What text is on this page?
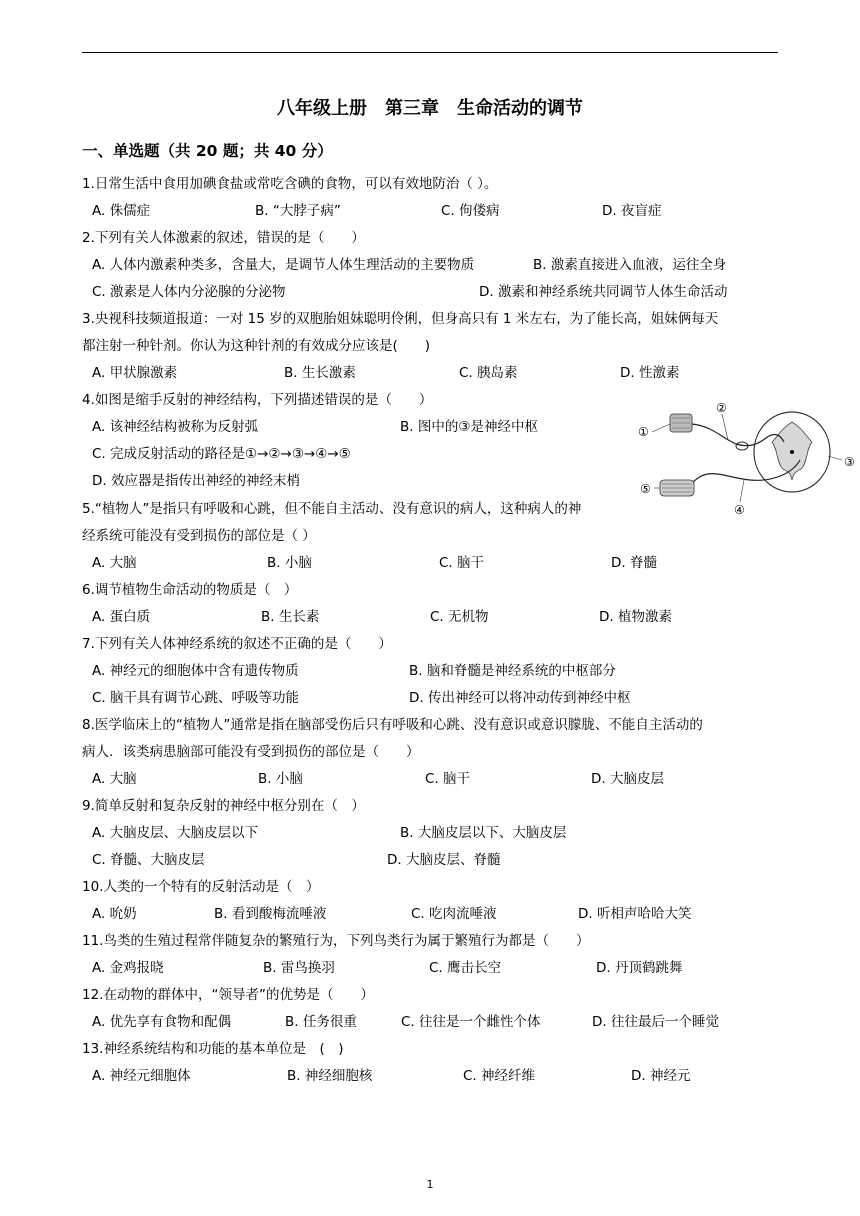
八年级上册　第三章　生命活动的调节
一、单选题（共 20 题；共 40 分）
1.日常生活中食用加碘食盐或常吃含碘的食物，可以有效地防治（ ）。
A. 侏儒症	B. “大脖子病”	C. 佝偻病	D. 夜盲症
2.下列有关人体激素的叙述，错误的是（　　）
A. 人体内激素种类多，含量大，是调节人体生理活动的主要物质	B. 激素直接进入血液，运往全身
C. 激素是人体内分泌腺的分泌物	D. 激素和神经系统共同调节人体生命活动
3.央视科技频道报道：一对 15 岁的双胞胎姐妹聪明伶俐，但身高只有 1 米左右，为了能长高，姐妹俩每天
都注射一种针剂。你认为这种针剂的有效成分应该是(　　)
A. 甲状腺激素	B. 生长激素	C. 胰岛素	D. 性激素
4.如图是缩手反射的神经结构，下列描述错误的是（　　）
A. 该神经结构被称为反射弧	B. 图中的③是神经中枢
C. 完成反射活动的路径是①→②→③→④→⑤
D. 效应器是指传出神经的神经末梢
①
②
③
④
⑤
5.“植物人”是指只有呼吸和心跳，但不能自主活动、没有意识的病人，这种病人的神
经系统可能没有受到损伤的部位是（ ）
A. 大脑	B. 小脑	C. 脑干	D. 脊髓
6.调节植物生命活动的物质是（　）
A. 蛋白质	B. 生长素	C. 无机物	D. 植物激素
7.下列有关人体神经系统的叙述不正确的是（　　）
A. 神经元的细胞体中含有遗传物质	B. 脑和脊髓是神经系统的中枢部分
C. 脑干具有调节心跳、呼吸等功能	D. 传出神经可以将冲动传到神经中枢
8.医学临床上的“植物人”通常是指在脑部受伤后只有呼吸和心跳、没有意识或意识朦胧、不能自主活动的
病人．该类病患脑部可能没有受到损伤的部位是（　　）
A. 大脑	B. 小脑	C. 脑干	D. 大脑皮层
9.简单反射和复杂反射的神经中枢分别在（　）
A. 大脑皮层、大脑皮层以下	B. 大脑皮层以下、大脑皮层
C. 脊髓、大脑皮层	D. 大脑皮层、脊髓
10.人类的一个特有的反射活动是（　）
A. 吮奶	B. 看到酸梅流唾液	C. 吃肉流唾液	D. 听相声哈哈大笑
11.鸟类的生殖过程常伴随复杂的繁殖行为，下列鸟类行为属于繁殖行为都是（　　）
A. 金鸡报晓	B. 雷鸟换羽	C. 鹰击长空	D. 丹顶鹤跳舞
12.在动物的群体中，“领导者”的优势是（　　）
A. 优先享有食物和配偶	B. 任务很重	C. 往往是一个雌性个体	D. 往往最后一个睡觉
13.神经系统结构和功能的基本单位是　(　)
A. 神经元细胞体	B. 神经细胞核	C. 神经纤维	D. 神经元
1
